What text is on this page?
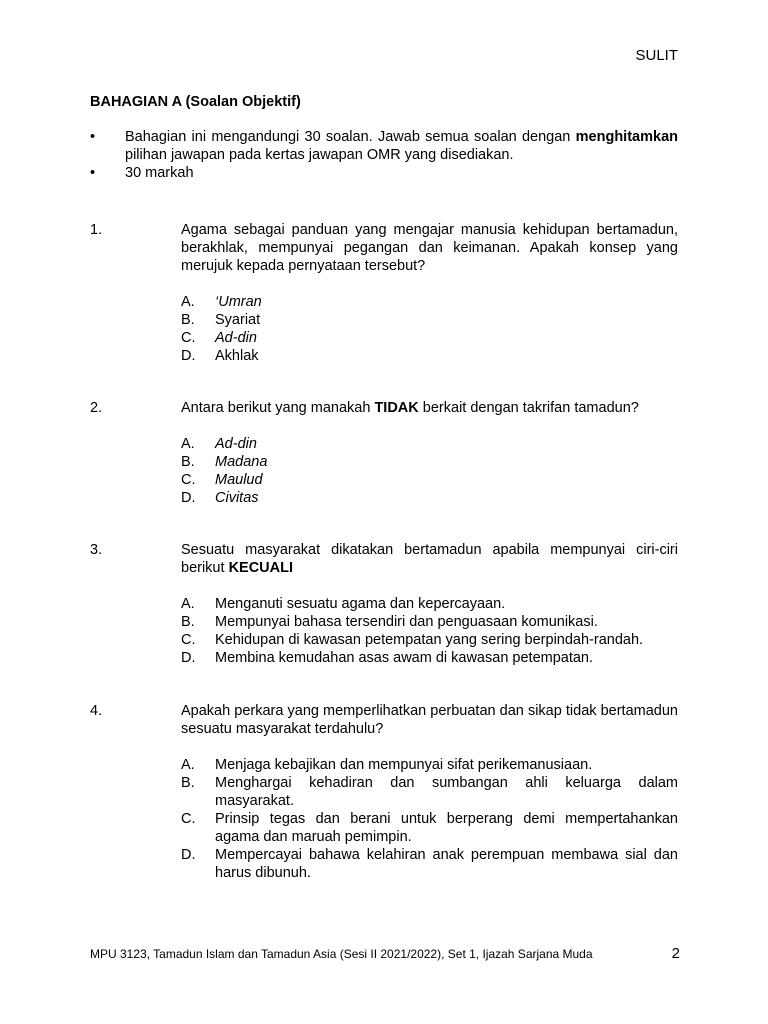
SULIT
BAHAGIAN A (Soalan Objektif)
•	Bahagian ini mengandungi 30 soalan. Jawab semua soalan dengan menghitamkan pilihan jawapan pada kertas jawapan OMR yang disediakan.
•	30 markah
1.	Agama sebagai panduan yang mengajar manusia kehidupan bertamadun, berakhlak, mempunyai pegangan dan keimanan. Apakah konsep yang merujuk kepada pernyataan tersebut?

A.	‘Umran
B.	Syariat
C.	Ad-din
D.	Akhlak
2.	Antara berikut yang manakah TIDAK berkait dengan takrifan tamadun?

A.	Ad-din
B.	Madana
C.	Maulud
D.	Civitas
3.	Sesuatu masyarakat dikatakan bertamadun apabila mempunyai ciri-ciri berikut KECUALI

A.	Menganuti sesuatu agama dan kepercayaan.
B.	Mempunyai bahasa tersendiri dan penguasaan komunikasi.
C.	Kehidupan di kawasan petempatan yang sering berpindah-randah.
D.	Membina kemudahan asas awam di kawasan petempatan.
4.	Apakah perkara yang memperlihatkan perbuatan dan sikap tidak bertamadun sesuatu masyarakat terdahulu?

A.	Menjaga kebajikan dan mempunyai sifat perikemanusiaan.
B.	Menghargai kehadiran dan sumbangan ahli keluarga dalam masyarakat.
C.	Prinsip tegas dan berani untuk berperang demi mempertahankan agama dan maruah pemimpin.
D.	Mempercayai bahawa kelahiran anak perempuan membawa sial dan harus dibunuh.
MPU 3123, Tamadun Islam dan Tamadun Asia (Sesi II 2021/2022), Set 1, Ijazah Sarjana Muda	2
